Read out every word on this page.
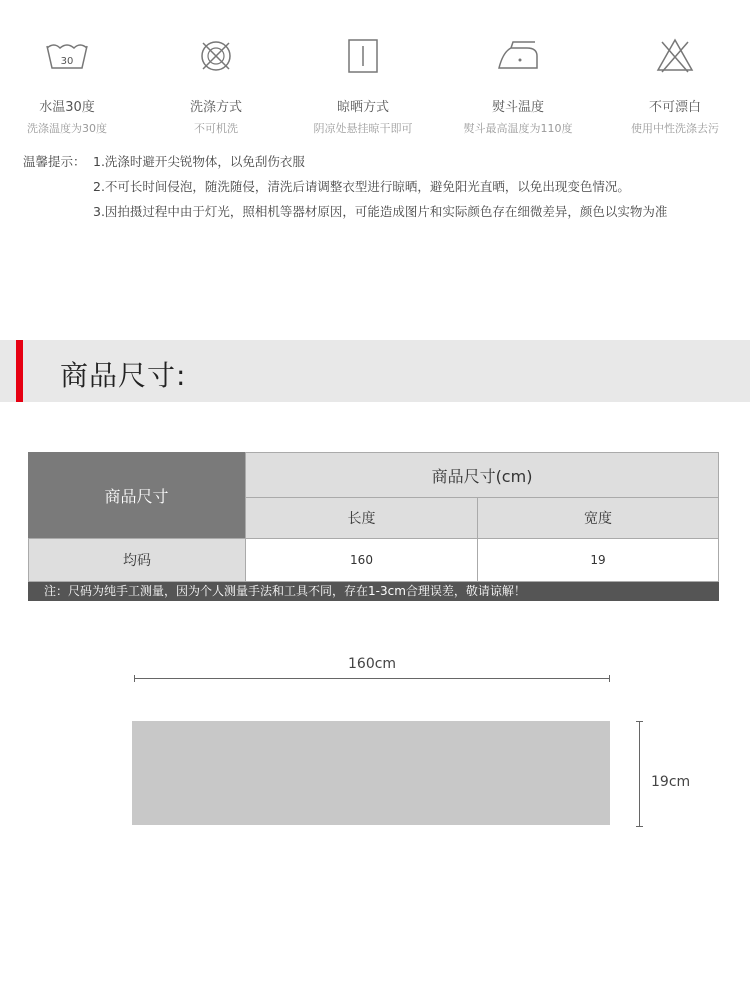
30
水温30度
洗涤温度为30度
洗涤方式
不可机洗
晾晒方式
阴凉处悬挂晾干即可
熨斗温度
熨斗最高温度为110度
不可漂白
使用中性洗涤去污
温馨提示： 1.洗涤时避开尖锐物体，以免刮伤衣服
2.不可长时间侵泡，随洗随侵，清洗后请调整衣型进行晾晒，避免阳光直晒，以免出现变色情况。
3.因拍摄过程中由于灯光，照相机等器材原因，可能造成图片和实际颜色存在细微差异，颜色以实物为准
商品尺寸:
商品尺寸
商品尺寸(cm)
长度	宽度
均码	160	19
注：尺码为纯手工测量，因为个人测量手法和工具不同，存在1-3cm合理误差，敬请谅解！
160cm
19cm
